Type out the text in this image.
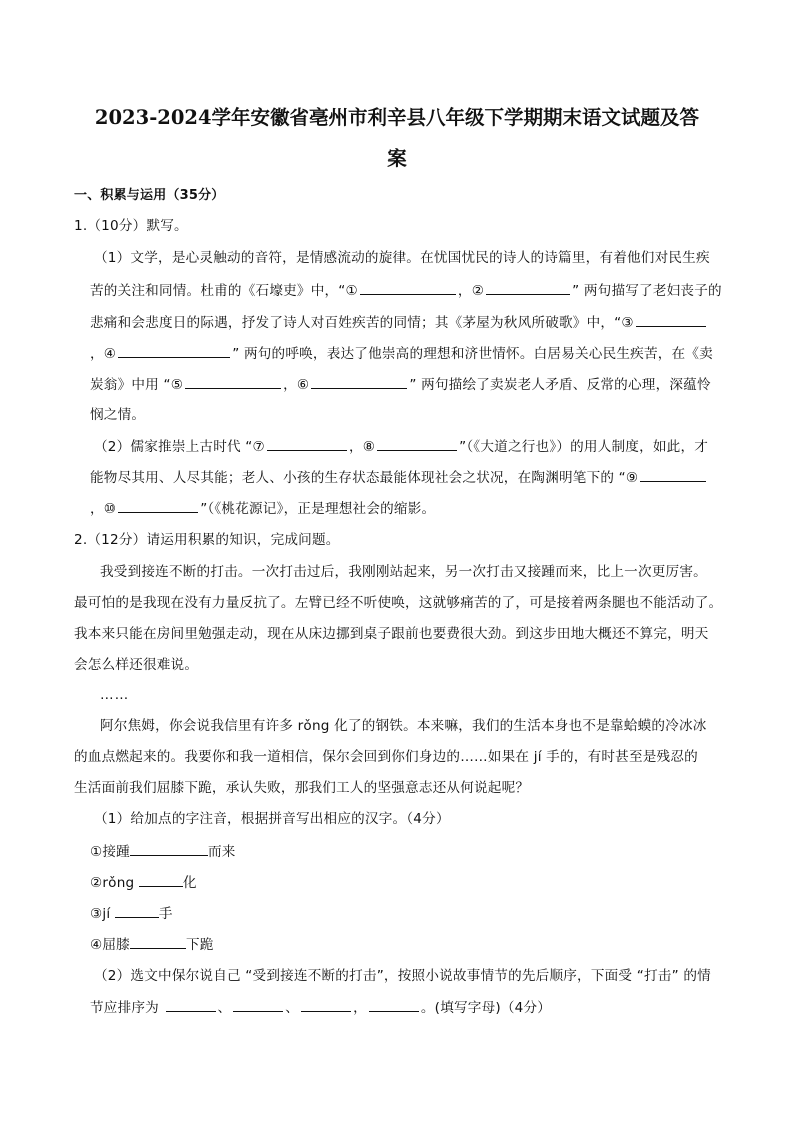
2023-2024学年安徽省亳州市利辛县八年级下学期期末语文试题及答
案
一、积累与运用（35分）
1.（10分）默写。
（1）文学，是心灵触动的音符，是情感流动的旋律。在忧国忧民的诗人的诗篇里，有着他们对民生疾
苦的关注和同情。杜甫的《石壕吏》中，“①	，②	” 两句描写了老妇丧子的
悲痛和会悲度日的际遇，抒发了诗人对百姓疾苦的同情；其《茅屋为秋风所破歌》中，“③
，④	” 两句的呼唤，表达了他崇高的理想和济世情怀。白居易关心民生疾苦，在《卖
炭翁》中用 “⑤	，⑥	” 两句描绘了卖炭老人矛盾、反常的心理，深蕴怜
悯之情。
（2）儒家推崇上古时代 “⑦	，⑧	”（《大道之行也》）的用人制度，如此，才
能物尽其用、人尽其能；老人、小孩的生存状态最能体现社会之状况，在陶渊明笔下的 “⑨
，⑩	”（《桃花源记》，正是理想社会的缩影。
2.（12分）请运用积累的知识，完成问题。
我受到接连不断的打击。一次打击过后，我刚刚站起来，另一次打击又接踵而来，比上一次更厉害。
最可怕的是我现在没有力量反抗了。左臂已经不听使唤，这就够痛苦的了，可是接着两条腿也不能活动了。
我本来只能在房间里勉强走动，现在从床边挪到桌子跟前也要费很大劲。到这步田地大概还不算完，明天
会怎么样还很难说。
……
阿尔焦姆，你会说我信里有许多 rǒng 化了的钢铁。本来嘛，我们的生活本身也不是靠蛤蟆的冷冰冰
的血点燃起来的。我要你和我一道相信，保尔会回到你们身边的……如果在 jí 手的，有时甚至是残忍的
生活面前我们屈膝下跪，承认失败，那我们工人的坚强意志还从何说起呢？
（1）给加点的字注音，根据拼音写出相应的汉字。（4分）
①接踵	而来
②rǒng	化
③jí	手
④屈膝	下跪
（2）选文中保尔说自己 “受到接连不断的打击”，按照小说故事情节的先后顺序，下面受 “打击” 的情
节应排序为	、	、	，	。(填写字母)（4分）
